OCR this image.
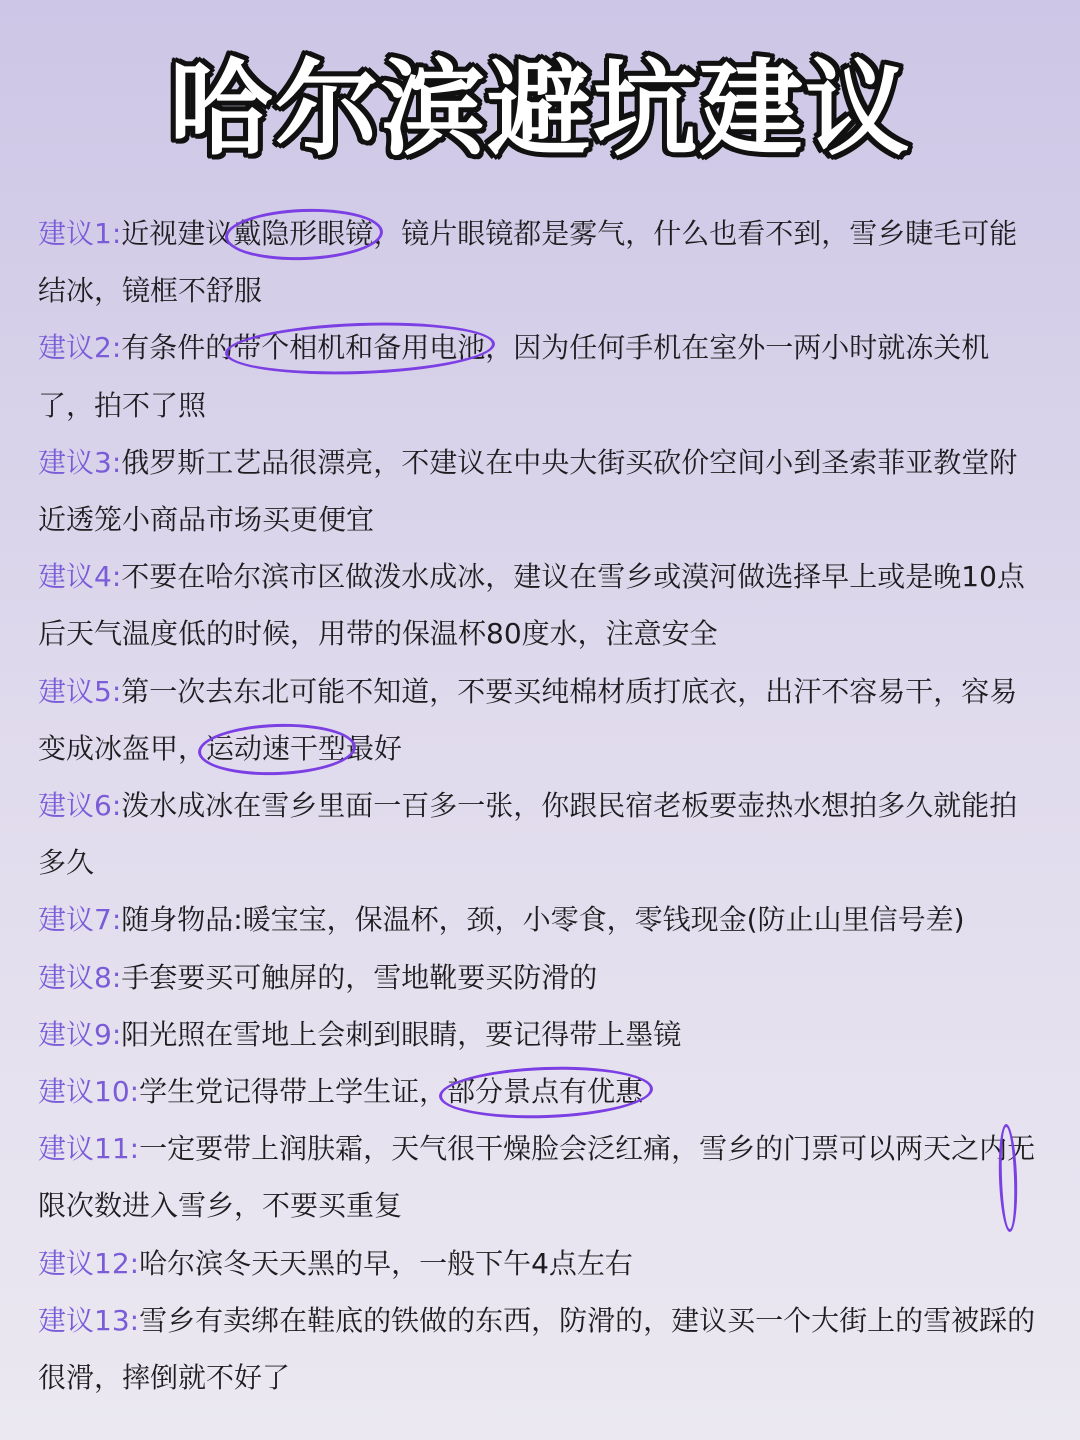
哈尔滨避坑建议

建议1:近视建议戴隐形眼镜，镜片眼镜都是雾气，什么也看不到，雪乡睫毛可能结冰，镜框不舒服

建议2:有条件的带个相机和备用电池，因为任何手机在室外一两小时就冻关机了，拍不了照

建议3:俄罗斯工艺品很漂亮，不建议在中央大街买砍价空间小到圣索菲亚教堂附近透笼小商品市场买更便宜

建议4:不要在哈尔滨市区做泼水成冰，建议在雪乡或漠河做选择早上或是晚10点后天气温度低的时候，用带的保温杯80度水，注意安全

建议5:第一次去东北可能不知道，不要买纯棉材质打底衣，出汗不容易干，容易变成冰盔甲，运动速干型最好

建议6:泼水成冰在雪乡里面一百多一张，你跟民宿老板要壶热水想拍多久就能拍多久

建议7:随身物品:暖宝宝，保温杯，颈，小零食，零钱现金(防止山里信号差)

建议8:手套要买可触屏的，雪地靴要买防滑的

建议9:阳光照在雪地上会刺到眼睛，要记得带上墨镜

建议10:学生党记得带上学生证，部分景点有优惠

建议11:一定要带上润肤霜，天气很干燥脸会泛红痛，雪乡的门票可以两天之内无限次数进入雪乡，不要买重复

建议12:哈尔滨冬天天黑的早，一般下午4点左右

建议13:雪乡有卖绑在鞋底的铁做的东西，防滑的，建议买一个大街上的雪被踩的很滑，摔倒就不好了
